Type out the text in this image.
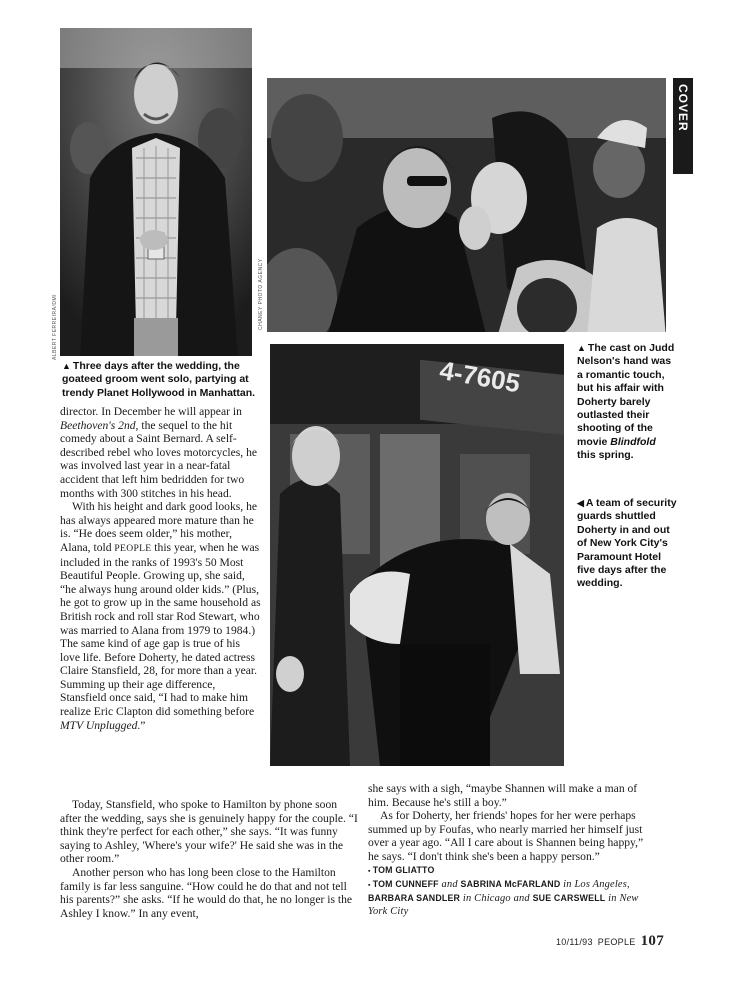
ALBERT FERREIRA/DMI	CHANEY PHOTO AGENCY
COVER
4-7605
▲ Three days after the wedding, the goateed groom went solo, partying at trendy Planet Hollywood in Manhattan.
▲ The cast on Judd Nelson's hand was a romantic touch, but his affair with Doherty barely outlasted their shooting of the movie Blindfold this spring.
◀ A team of security guards shuttled Doherty in and out of New York City's Paramount Hotel five days after the wedding.

director. In December he will appear in Beethoven's 2nd, the sequel to the hit comedy about a Saint Bernard. A self-described rebel who loves motorcycles, he was involved last year in a near-fatal accident that left him bedridden for two months with 300 stitches in his head.

With his height and dark good looks, he has always appeared more mature than he is. “He does seem older,” his mother, Alana, told PEOPLE this year, when he was included in the ranks of 1993's 50 Most Beautiful People. Growing up, she said, “he always hung around older kids.” (Plus, he got to grow up in the same household as British rock and roll star Rod Stewart, who was married to Alana from 1979 to 1984.) The same kind of age gap is true of his love life. Before Doherty, he dated actress Claire Stansfield, 28, for more than a year. Summing up their age difference, Stansfield once said, “I had to make him realize Eric Clapton did something before MTV Unplugged.”

Today, Stansfield, who spoke to Hamilton by phone soon after the wedding, says she is genuinely happy for the couple. “I think they're perfect for each other,” she says. “It was funny saying to Ashley, 'Where's your wife?' He said she was in the other room.”

Another person who has long been close to the Hamilton family is far less sanguine. “How could he do that and not tell his parents?” she asks. “If he would do that, he no longer is the Ashley I know.” In any event,

she says with a sigh, “maybe Shannen will make a man of him. Because he's still a boy.”

As for Doherty, her friends' hopes for her were perhaps summed up by Foufas, who nearly married her himself just over a year ago. “All I care about is Shannen being happy,” he says. “I don't think she's been a happy person.”

▪ TOM GLIATTO
▪ TOM CUNNEFF and SABRINA McFARLAND in Los Angeles, BARBARA SANDLER in Chicago and SUE CARSWELL in New York City
10/11/93 PEOPLE 107
